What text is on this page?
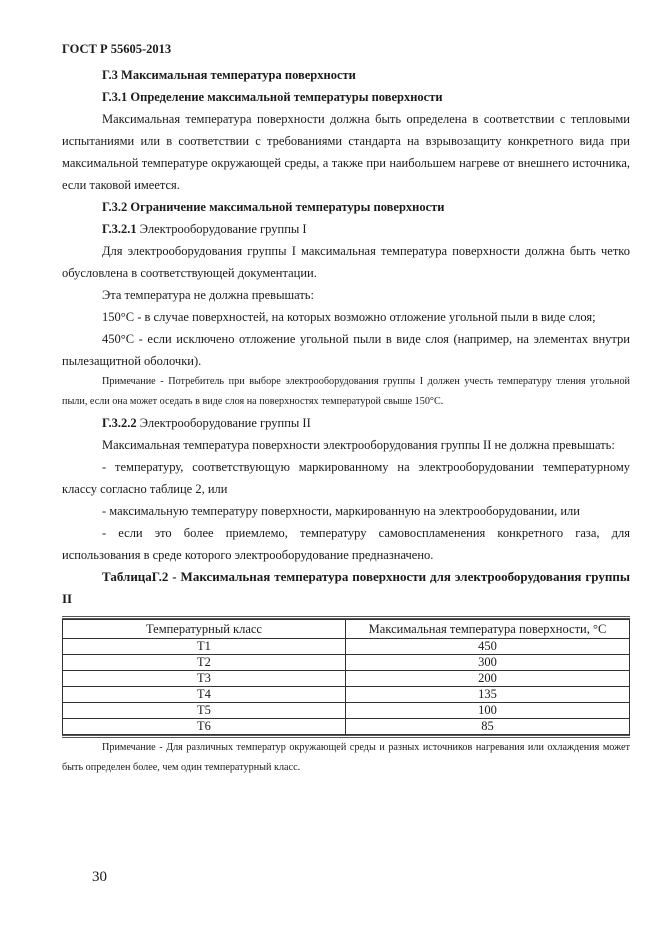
ГОСТ Р 55605-2013

Г.3 Максимальная температура поверхности

Г.3.1 Определение максимальной температуры поверхности

Максимальная температура поверхности должна быть определена в соответствии с тепловыми испытаниями или в соответствии с требованиями стандарта на взрывозащиту конкретного вида при максимальной температуре окружающей среды, а также при наибольшем нагреве от внешнего источника, если таковой имеется.

Г.3.2 Ограничение максимальной температуры поверхности

Г.3.2.1 Электрооборудование группы I

Для электрооборудования группы I максимальная температура поверхности должна быть четко обусловлена в соответствующей документации.

Эта температура не должна превышать:

150°С - в случае поверхностей, на которых возможно отложение угольной пыли в виде слоя;

450°С - если исключено отложение угольной пыли в виде слоя (например, на элементах внутри пылезащитной оболочки).

Примечание - Потребитель при выборе электрооборудования группы I должен учесть температуру тления угольной пыли, если она может оседать в виде слоя на поверхностях температурой свыше 150°С.

Г.3.2.2 Электрооборудование группы II

Максимальная температура поверхности электрооборудования группы II не должна превышать:

- температуру, соответствующую маркированному на электрооборудовании температурному классу согласно таблице 2, или

- максимальную температуру поверхности, маркированную на электрооборудовании, или

- если это более приемлемо, температуру самовоспламенения конкретного газа, для использования в среде которого электрооборудование предназначено.

ТаблицаГ.2 - Максимальная температура поверхности для электрооборудования группы II

Температурный класс	Максимальная температура поверхности, °С
Т1	450
Т2	300
Т3	200
Т4	135
Т5	100
Т6	85

Примечание - Для различных температур окружающей среды и разных источников нагревания или охлаждения может быть определен более, чем один температурный класс.

30
